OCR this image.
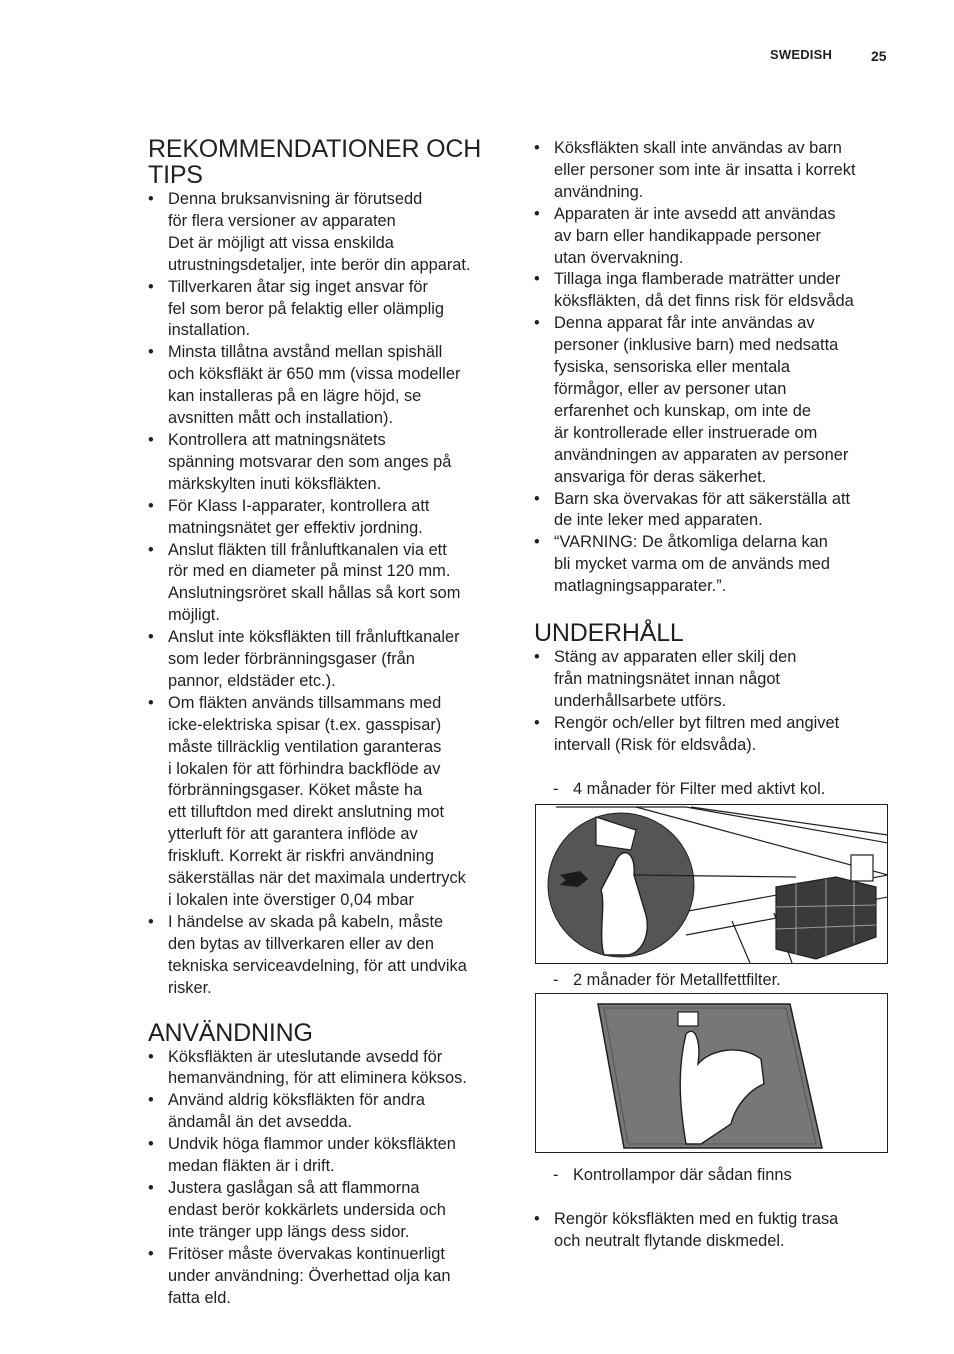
SWEDISH	25
REKOMMENDATIONER OCH
TIPS
• Denna bruksanvisning är förutsedd
för flera versioner av apparaten
Det är möjligt att vissa enskilda
utrustningsdetaljer, inte berör din apparat.
• Tillverkaren åtar sig inget ansvar för
fel som beror på felaktig eller olämplig
installation.
• Minsta tillåtna avstånd mellan spishäll
och köksfläkt är 650 mm (vissa modeller
kan installeras på en lägre höjd, se
avsnitten mått och installation).
• Kontrollera att matningsnätets
spänning motsvarar den som anges på
märkskylten inuti köksfläkten.
• För Klass I-apparater, kontrollera att
matningsnätet ger effektiv jordning.
• Anslut fläkten till frånluftkanalen via ett
rör med en diameter på minst 120 mm.
Anslutningsröret skall hållas så kort som
möjligt.
• Anslut inte köksfläkten till frånluftkanaler
som leder förbränningsgaser (från
pannor, eldstäder etc.).
• Om fläkten används tillsammans med
icke-elektriska spisar (t.ex. gasspisar)
måste tillräcklig ventilation garanteras
i lokalen för att förhindra backflöde av
förbränningsgaser. Köket måste ha
ett tilluftdon med direkt anslutning mot
ytterluft för att garantera inflöde av
friskluft. Korrekt är riskfri användning
säkerställas när det maximala undertryck
i lokalen inte överstiger 0,04 mbar
• I händelse av skada på kabeln, måste
den bytas av tillverkaren eller av den
tekniska serviceavdelning, för att undvika
risker.
ANVÄNDNING
• Köksfläkten är uteslutande avsedd för
hemanvändning, för att eliminera köksos.
• Använd aldrig köksfläkten för andra
ändamål än det avsedda.
• Undvik höga flammor under köksfläkten
medan fläkten är i drift.
• Justera gaslågan så att flammorna
endast berör kokkärlets undersida och
inte tränger upp längs dess sidor.
• Fritöser måste övervakas kontinuerligt
under användning: Överhettad olja kan
fatta eld.
• Köksfläkten skall inte användas av barn
eller personer som inte är insatta i korrekt
användning.
• Apparaten är inte avsedd att användas
av barn eller handikappade personer
utan övervakning.
• Tillaga inga flamberade maträtter under
köksfläkten, då det finns risk för eldsvåda
• Denna apparat får inte användas av
personer (inklusive barn) med nedsatta
fysiska, sensoriska eller mentala
förmågor, eller av personer utan
erfarenhet och kunskap, om inte de
är kontrollerade eller instruerade om
användningen av apparaten av personer
ansvariga för deras säkerhet.
• Barn ska övervakas för att säkerställa att
de inte leker med apparaten.
• “VARNING: De åtkomliga delarna kan
bli mycket varma om de används med
matlagningsapparater.”.
UNDERHÅLL
• Stäng av apparaten eller skilj den
från matningsnätet innan något
underhållsarbete utförs.
• Rengör och/eller byt filtren med angivet
intervall (Risk för eldsvåda).
- 4 månader för Filter med aktivt kol.
- 2 månader för Metallfettfilter.
- Kontrollampor där sådan finns
• Rengör köksfläkten med en fuktig trasa
och neutralt flytande diskmedel.
